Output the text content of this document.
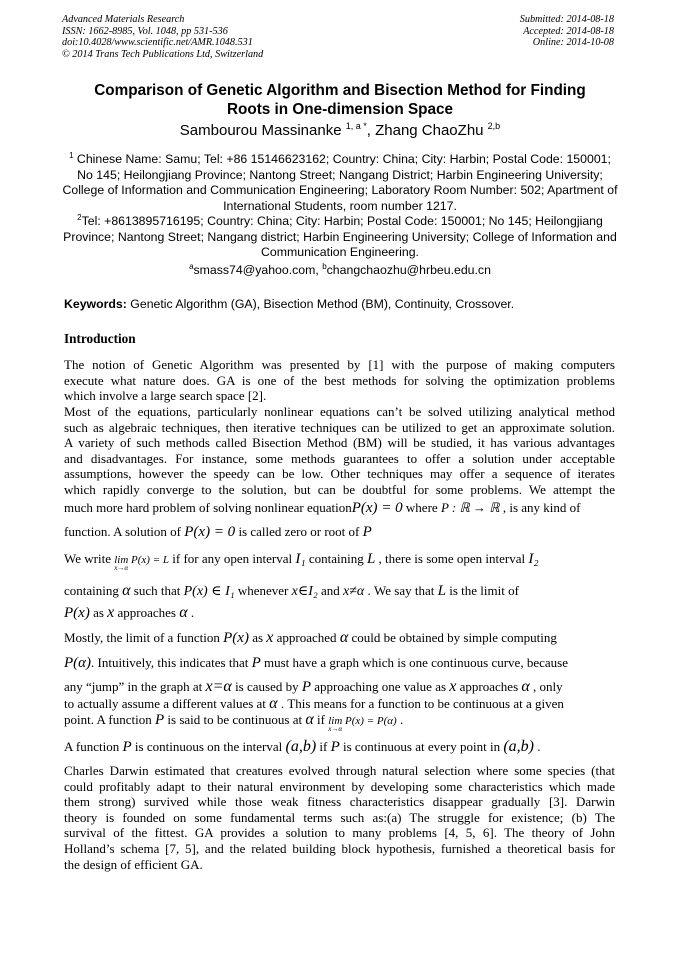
Advanced Materials Research
ISSN: 1662-8985, Vol. 1048, pp 531-536
doi:10.4028/www.scientific.net/AMR.1048.531
© 2014 Trans Tech Publications Ltd, Switzerland
Submitted: 2014-08-18
Accepted: 2014-08-18
Online: 2014-10-08
Comparison of Genetic Algorithm and Bisection Method for Finding
Roots in One-dimension Space
Sambourou Massinanke $^{1, a *}$, Zhang ChaoZhu $^{2,b}$
$^1$ Chinese Name: Samu; Tel: +86 15146623162; Country: China; City: Harbin; Postal Code: 150001; No 145; Heilongjiang Province; Nantong Street; Nangang District; Harbin Engineering University; College of Information and Communication Engineering; Laboratory Room Number: 502; Apartment of International Students, room number 1217.
$^2$Tel: +8613895716195; Country: China; City: Harbin; Postal Code: 150001; No 145; Heilongjiang Province; Nantong Street; Nangang district; Harbin Engineering University; College of Information and Communication Engineering.
$^a$smass74@yahoo.com, $^b$changchaozhu@hrbeu.edu.cn
Keywords: Genetic Algorithm (GA), Bisection Method (BM), Continuity, Crossover.
Introduction
The notion of Genetic Algorithm was presented by [1] with the purpose of making computers
execute what nature does. GA is one of the best methods for solving the optimization problems
which involve a large search space [2].
Most of the equations, particularly nonlinear equations can’t be solved utilizing analytical method
such as algebraic techniques, then iterative techniques can be utilized to get an approximate solution.
A variety of such methods called Bisection Method (BM) will be studied, it has various advantages
and disadvantages. For instance, some methods guarantees to offer a solution under acceptable
assumptions, however the speedy can be low. Other techniques may offer a sequence of iterates
which rapidly converge to the solution, but can be doubtful for some problems. We attempt the
much more hard problem of solving nonlinear equationP(x) = 0 where P : ℝ → ℝ , is any kind of
function. A solution of P(x) = 0 is called zero or root of P
We write lim P(x) = L
x→α
if for any open interval I₁ containing L , there is some open interval I₂
containing α such that P(x) ∈ I₁ whenever x∈I₂ and x≠α . We say that L is the limit of
P(x) as x approaches α .
Mostly, the limit of a function P(x) as x approached α could be obtained by simple computing
P(α). Intuitively, this indicates that P must have a graph which is one continuous curve, because
any “jump” in the graph at x=α is caused by P approaching one value as x approaches α , only
to actually assume a different values at α . This means for a function to be continuous at a given
point. A function P is said to be continuous at α if lim P(x) = P(α)
x→α
.
A function P is continuous on the interval (a,b) if P is continuous at every point in (a,b) .
Charles Darwin estimated that creatures evolved through natural selection where some species (that
could profitably adapt to their natural environment by developing some characteristics which made
them strong) survived while those weak fitness characteristics disappear gradually [3]. Darwin
theory is founded on some fundamental terms such as:(a) The struggle for existence; (b) The
survival of the fittest. GA provides a solution to many problems [4, 5, 6]. The theory of John
Holland’s schema [7, 5], and the related building block hypothesis, furnished a theoretical basis for
the design of efficient GA.
